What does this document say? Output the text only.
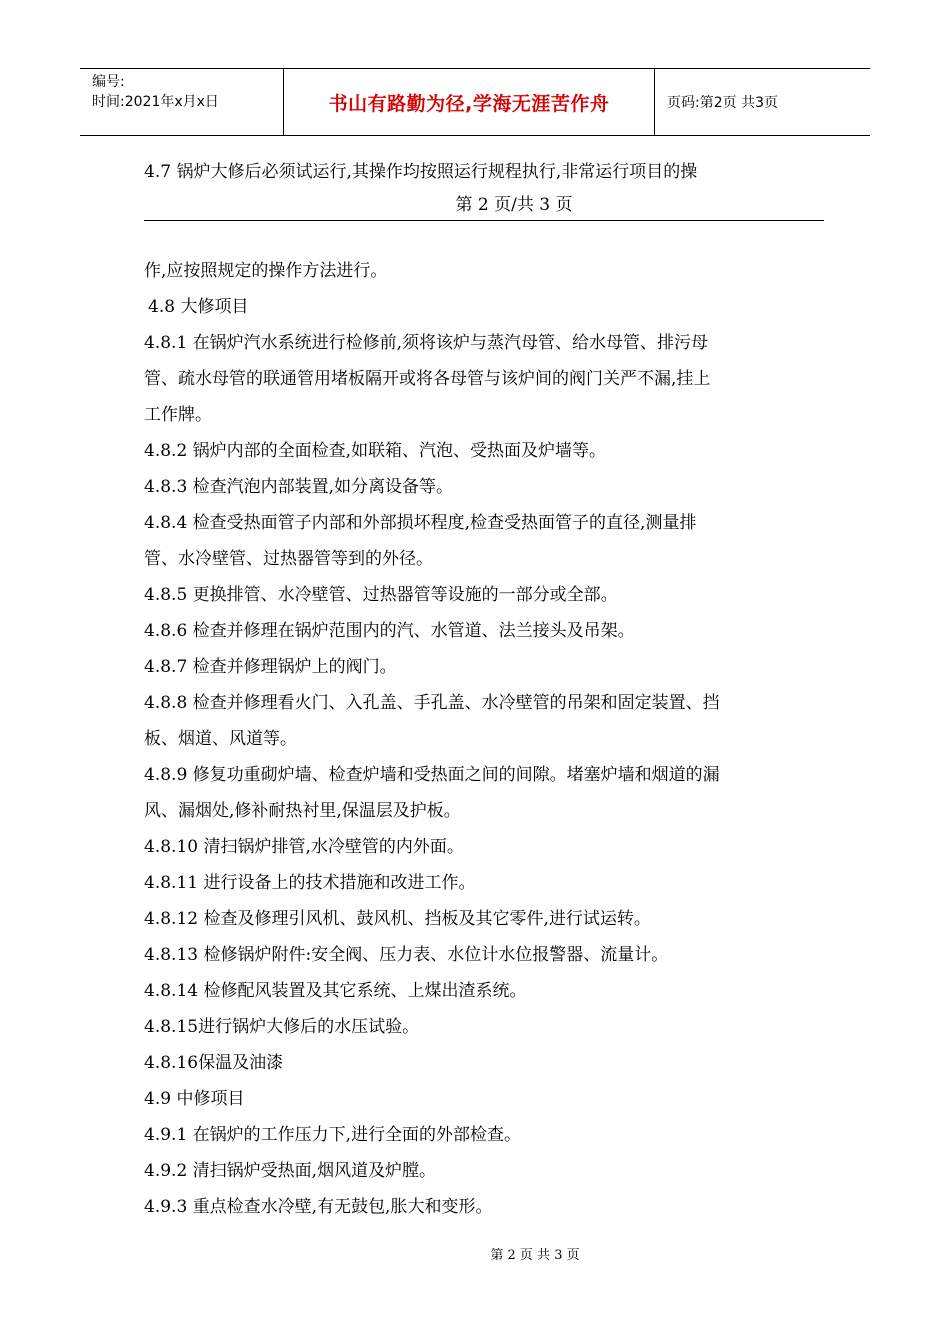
编号:
时间:2021年x月x日	书山有路勤为径,学海无涯苦作舟	页码:第2页 共3页
4.7 锅炉大修后必须试运行,其操作均按照运行规程执行,非常运行项目的操
第 2 页/共 3 页

作,应按照规定的操作方法进行。

4.8 大修项目

4.8.1 在锅炉汽水系统进行检修前,须将该炉与蒸汽母管、给水母管、排污母

管、疏水母管的联通管用堵板隔开或将各母管与该炉间的阀门关严不漏,挂上

工作牌。

4.8.2 锅炉内部的全面检查,如联箱、汽泡、受热面及炉墙等。

4.8.3 检查汽泡内部装置,如分离设备等。

4.8.4 检查受热面管子内部和外部损坏程度,检查受热面管子的直径,测量排

管、水冷壁管、过热器管等到的外径。

4.8.5 更换排管、水冷壁管、过热器管等设施的一部分或全部。

4.8.6 检查并修理在锅炉范围内的汽、水管道、法兰接头及吊架。

4.8.7 检查并修理锅炉上的阀门。

4.8.8 检查并修理看火门、入孔盖、手孔盖、水冷壁管的吊架和固定装置、挡

板、烟道、风道等。

4.8.9 修复功重砌炉墙、检查炉墙和受热面之间的间隙。堵塞炉墙和烟道的漏

风、漏烟处,修补耐热衬里,保温层及护板。

4.8.10 清扫锅炉排管,水冷壁管的内外面。

4.8.11 进行设备上的技术措施和改进工作。

4.8.12 检查及修理引风机、鼓风机、挡板及其它零件,进行试运转。

4.8.13 检修锅炉附件:安全阀、压力表、水位计水位报警器、流量计。

4.8.14 检修配风装置及其它系统、上煤出渣系统。

4.8.15进行锅炉大修后的水压试验。

4.8.16保温及油漆

4.9 中修项目

4.9.1 在锅炉的工作压力下,进行全面的外部检查。

4.9.2 清扫锅炉受热面,烟风道及炉膛。

4.9.3 重点检查水冷壁,有无鼓包,胀大和变形。

第 2 页 共 3 页
